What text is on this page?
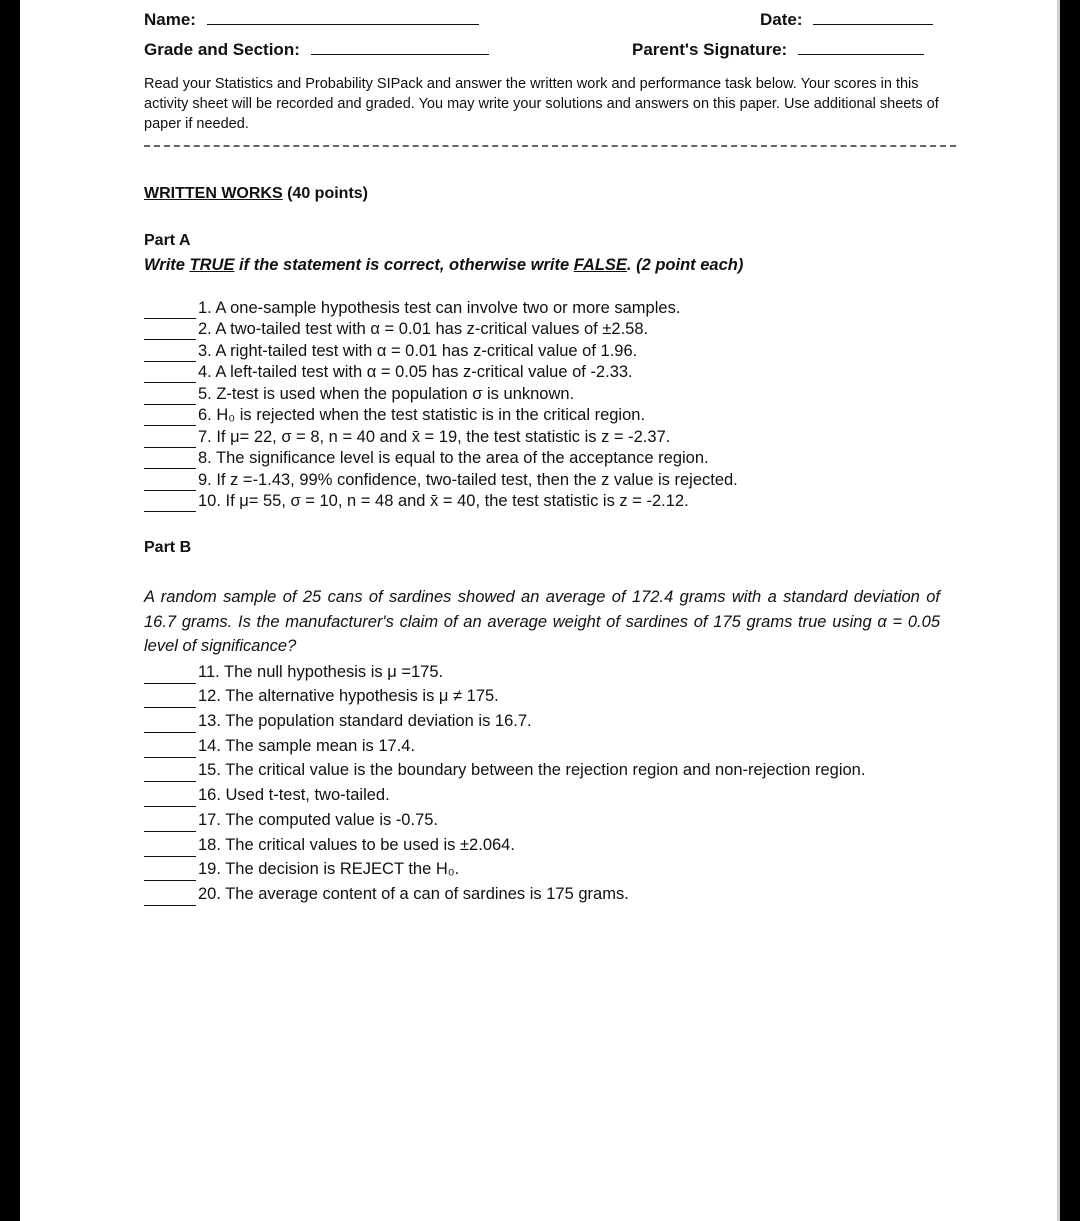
Name:	Date:
Grade and Section:	Parent's Signature:
Read your Statistics and Probability SIPack and answer the written work and performance task below. Your scores in this activity sheet will be recorded and graded. You may write your solutions and answers on this paper. Use additional sheets of paper if needed.
WRITTEN WORKS (40 points)
Part A
Write TRUE if the statement is correct, otherwise write FALSE. (2 point each)
1. A one-sample hypothesis test can involve two or more samples.
2. A two-tailed test with α = 0.01 has z-critical values of ±2.58.
3. A right-tailed test with α = 0.01 has z-critical value of 1.96.
4. A left-tailed test with α = 0.05 has z-critical value of -2.33.
5. Z-test is used when the population σ is unknown.
6. H₀ is rejected when the test statistic is in the critical region.
7. If μ= 22, σ = 8, n = 40 and x̄ = 19, the test statistic is z = -2.37.
8. The significance level is equal to the area of the acceptance region.
9. If z =-1.43, 99% confidence, two-tailed test, then the z value is rejected.
10. If μ= 55, σ = 10, n = 48 and x̄ = 40, the test statistic is z = -2.12.
Part B
A random sample of 25 cans of sardines showed an average of 172.4 grams with a standard deviation of 16.7 grams. Is the manufacturer's claim of an average weight of sardines of 175 grams true using α = 0.05 level of significance?
11. The null hypothesis is μ =175.
12. The alternative hypothesis is μ ≠ 175.
13. The population standard deviation is 16.7.
14. The sample mean is 17.4.
15. The critical value is the boundary between the rejection region and non-rejection region.
16. Used t-test, two-tailed.
17. The computed value is -0.75.
18. The critical values to be used is ±2.064.
19. The decision is REJECT the H₀.
20. The average content of a can of sardines is 175 grams.
